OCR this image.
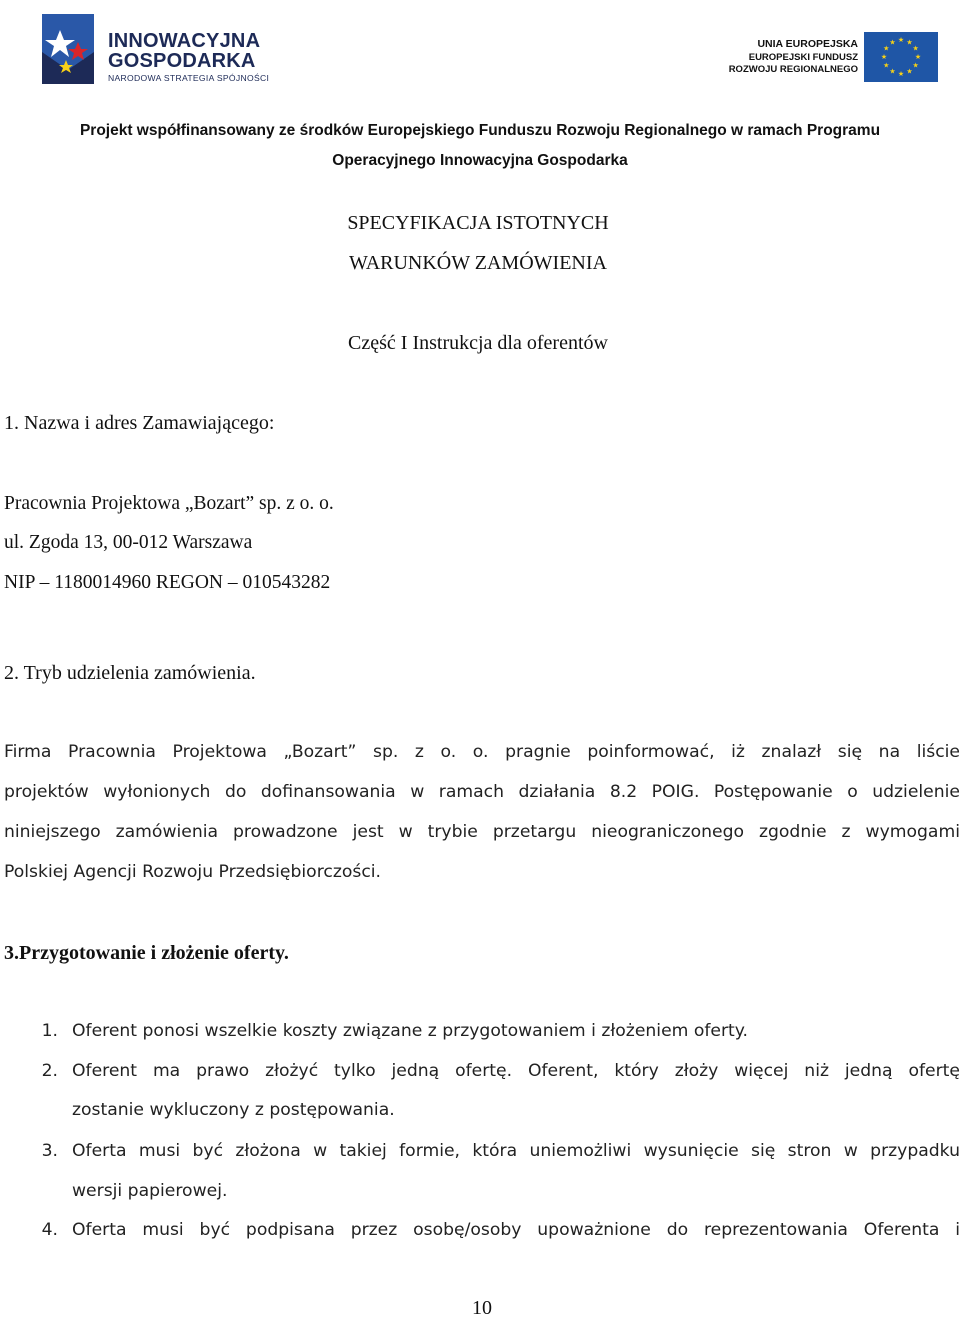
INNOWACYJNA
GOSPODARKA
NARODOWA STRATEGIA SPÓJNOŚCI
UNIA EUROPEJSKA
EUROPEJSKI FUNDUSZ
ROZWOJU REGIONALNEGO
★ ★
★
★
★
★
★
★
★
★
★
★
Projekt współfinansowany ze środków Europejskiego Funduszu Rozwoju Regionalnego w ramach Programu
Operacyjnego Innowacyjna Gospodarka
SPECYFIKACJA ISTOTNYCH
WARUNKÓW ZAMÓWIENIA
Część I Instrukcja dla oferentów
1. Nazwa i adres Zamawiającego:
Pracownia Projektowa „Bozart” sp. z o. o.
ul. Zgoda 13, 00-012 Warszawa
NIP – 1180014960 REGON – 010543282
2. Tryb udzielenia zamówienia.
Firma Pracownia Projektowa „Bozart” sp. z o. o. pragnie poinformować, iż znalazł się na liście
projektów wyłonionych do dofinansowania w ramach działania 8.2 POIG. Postępowanie o udzielenie
niniejszego zamówienia prowadzone jest w trybie przetargu nieograniczonego zgodnie z wymogami
Polskiej Agencji Rozwoju Przedsiębiorczości.
3.Przygotowanie i złożenie oferty.
1. Oferent ponosi wszelkie koszty związane z przygotowaniem i złożeniem oferty.
2. Oferent ma prawo złożyć tylko jedną ofertę. Oferent, który złoży więcej niż jedną ofertę
zostanie wykluczony z postępowania.
3. Oferta musi być złożona w takiej formie, która uniemożliwi wysunięcie się stron w przypadku
wersji papierowej.
4. Oferta musi być podpisana przez osobę/osoby upoważnione do reprezentowania Oferenta i
10
